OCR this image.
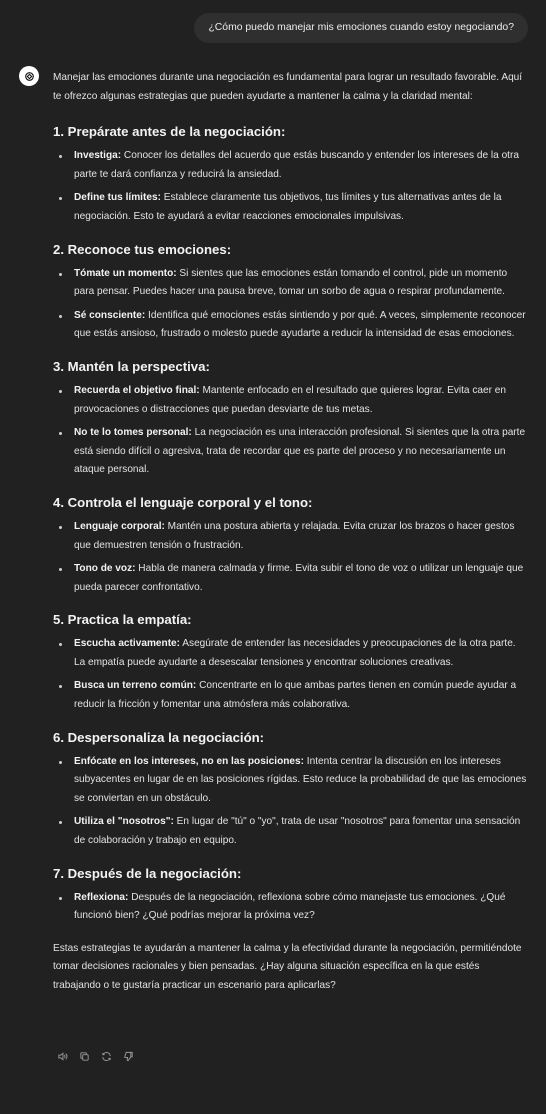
¿Cómo puedo manejar mis emociones cuando estoy negociando?

Manejar las emociones durante una negociación es fundamental para lograr un resultado favorable. Aquí te ofrezco algunas estrategias que pueden ayudarte a mantener la calma y la claridad mental:

1. Prepárate antes de la negociación:
Investiga: Conocer los detalles del acuerdo que estás buscando y entender los intereses de la otra parte te dará confianza y reducirá la ansiedad.
Define tus límites: Establece claramente tus objetivos, tus límites y tus alternativas antes de la negociación. Esto te ayudará a evitar reacciones emocionales impulsivas.
2. Reconoce tus emociones:
Tómate un momento: Si sientes que las emociones están tomando el control, pide un momento para pensar. Puedes hacer una pausa breve, tomar un sorbo de agua o respirar profundamente.
Sé consciente: Identifica qué emociones estás sintiendo y por qué. A veces, simplemente reconocer que estás ansioso, frustrado o molesto puede ayudarte a reducir la intensidad de esas emociones.
3. Mantén la perspectiva:
Recuerda el objetivo final: Mantente enfocado en el resultado que quieres lograr. Evita caer en provocaciones o distracciones que puedan desviarte de tus metas.
No te lo tomes personal: La negociación es una interacción profesional. Si sientes que la otra parte está siendo difícil o agresiva, trata de recordar que es parte del proceso y no necesariamente un ataque personal.
4. Controla el lenguaje corporal y el tono:
Lenguaje corporal: Mantén una postura abierta y relajada. Evita cruzar los brazos o hacer gestos que demuestren tensión o frustración.
Tono de voz: Habla de manera calmada y firme. Evita subir el tono de voz o utilizar un lenguaje que pueda parecer confrontativo.
5. Practica la empatía:
Escucha activamente: Asegúrate de entender las necesidades y preocupaciones de la otra parte. La empatía puede ayudarte a desescalar tensiones y encontrar soluciones creativas.
Busca un terreno común: Concentrarte en lo que ambas partes tienen en común puede ayudar a reducir la fricción y fomentar una atmósfera más colaborativa.
6. Despersonaliza la negociación:
Enfócate en los intereses, no en las posiciones: Intenta centrar la discusión en los intereses subyacentes en lugar de en las posiciones rígidas. Esto reduce la probabilidad de que las emociones se conviertan en un obstáculo.
Utiliza el "nosotros": En lugar de "tú" o "yo", trata de usar "nosotros" para fomentar una sensación de colaboración y trabajo en equipo.
7. Después de la negociación:
Reflexiona: Después de la negociación, reflexiona sobre cómo manejaste tus emociones. ¿Qué funcionó bien? ¿Qué podrías mejorar la próxima vez?

Estas estrategias te ayudarán a mantener la calma y la efectividad durante la negociación, permitiéndote tomar decisiones racionales y bien pensadas. ¿Hay alguna situación específica en la que estés trabajando o te gustaría practicar un escenario para aplicarlas?
